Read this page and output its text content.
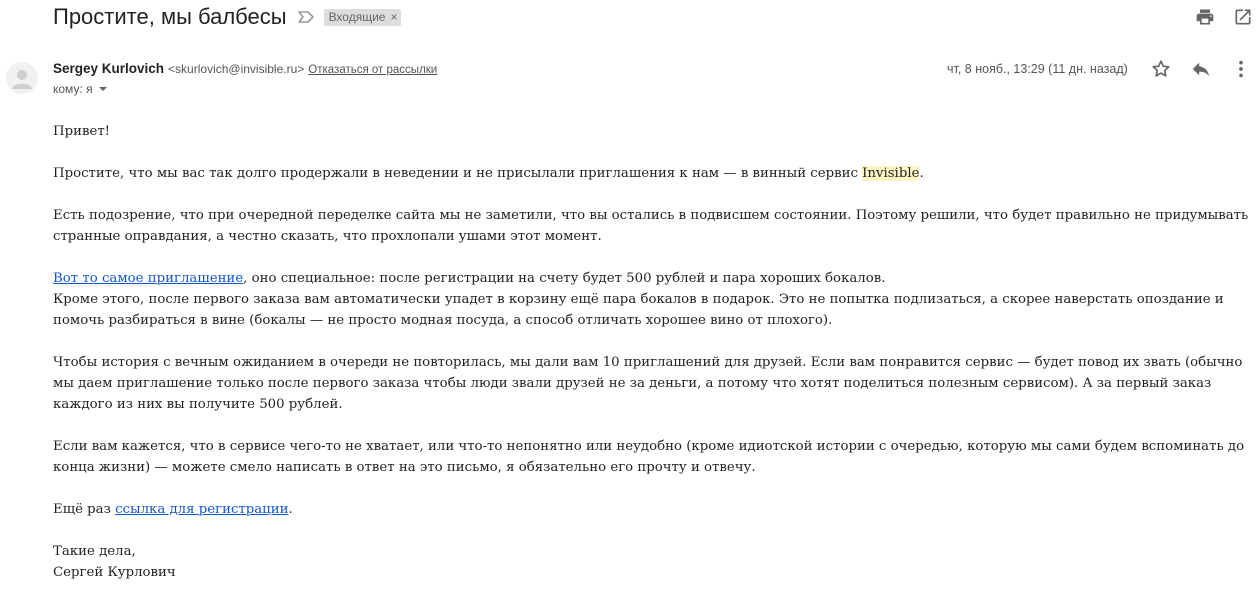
Простите, мы балбесы	Входящие ×
Sergey Kurlovich <skurlovich@invisible.ru> Отказаться от рассылки
кому: я
чт, 8 нояб., 13:29 (11 дн. назад)

Привет!

Простите, что мы вас так долго продержали в неведении и не присылали приглашения к нам — в винный сервис Invisible.

Есть подозрение, что при очередной переделке сайта мы не заметили, что вы остались в подвисшем состоянии. Поэтому решили, что будет правильно не придумывать странные оправдания, а честно сказать, что прохлопали ушами этот момент.

Вот то самое приглашение, оно специальное: после регистрации на счету будет 500 рублей и пара хороших бокалов.
Кроме этого, после первого заказа вам автоматически упадет в корзину ещё пара бокалов в подарок. Это не попытка подлизаться, а скорее наверстать опоздание и помочь разбираться в вине (бокалы — не просто модная посуда, а способ отличать хорошее вино от плохого).

Чтобы история с вечным ожиданием в очереди не повторилась, мы дали вам 10 приглашений для друзей. Если вам понравится сервис — будет повод их звать (обычно мы даем приглашение только после первого заказа чтобы люди звали друзей не за деньги, а потому что хотят поделиться полезным сервисом). А за первый заказ каждого из них вы получите 500 рублей.

Если вам кажется, что в сервисе чего-то не хватает, или что-то непонятно или неудобно (кроме идиотской истории с очередью, которую мы сами будем вспоминать до конца жизни) — можете смело написать в ответ на это письмо, я обязательно его прочту и отвечу.

Ещё раз ссылка для регистрации.

Такие дела,
Сергей Курлович
